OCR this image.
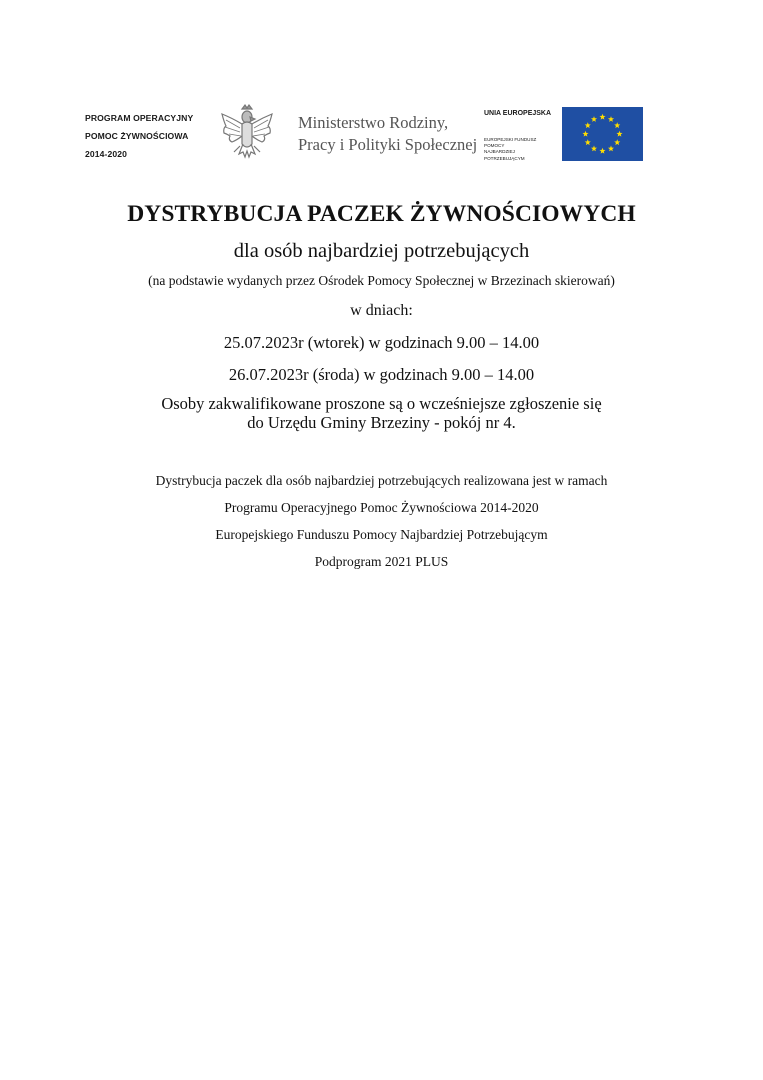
PROGRAM OPERACYJNY
POMOC ŻYWNOŚCIOWA
2014-2020
Ministerstwo Rodziny,
Pracy i Polityki Społecznej
UNIA EUROPEJSKA
EUROPEJSKI FUNDUSZ POMOCY
NAJBARDZIEJ POTRZEBUJĄCYM
DYSTRYBUCJA PACZEK ŻYWNOŚCIOWYCH
dla osób najbardziej potrzebujących
(na podstawie wydanych przez Ośrodek Pomocy Społecznej w Brzezinach skierowań)
w dniach:
25.07.2023r (wtorek) w godzinach 9.00 – 14.00
26.07.2023r (środa) w godzinach 9.00 – 14.00
Osoby zakwalifikowane proszone są o wcześniejsze zgłoszenie się
do Urzędu Gminy Brzeziny - pokój nr 4.
Dystrybucja paczek dla osób najbardziej potrzebujących realizowana jest w ramach
Programu Operacyjnego Pomoc Żywnościowa 2014-2020
Europejskiego Funduszu Pomocy Najbardziej Potrzebującym
Podprogram 2021 PLUS
